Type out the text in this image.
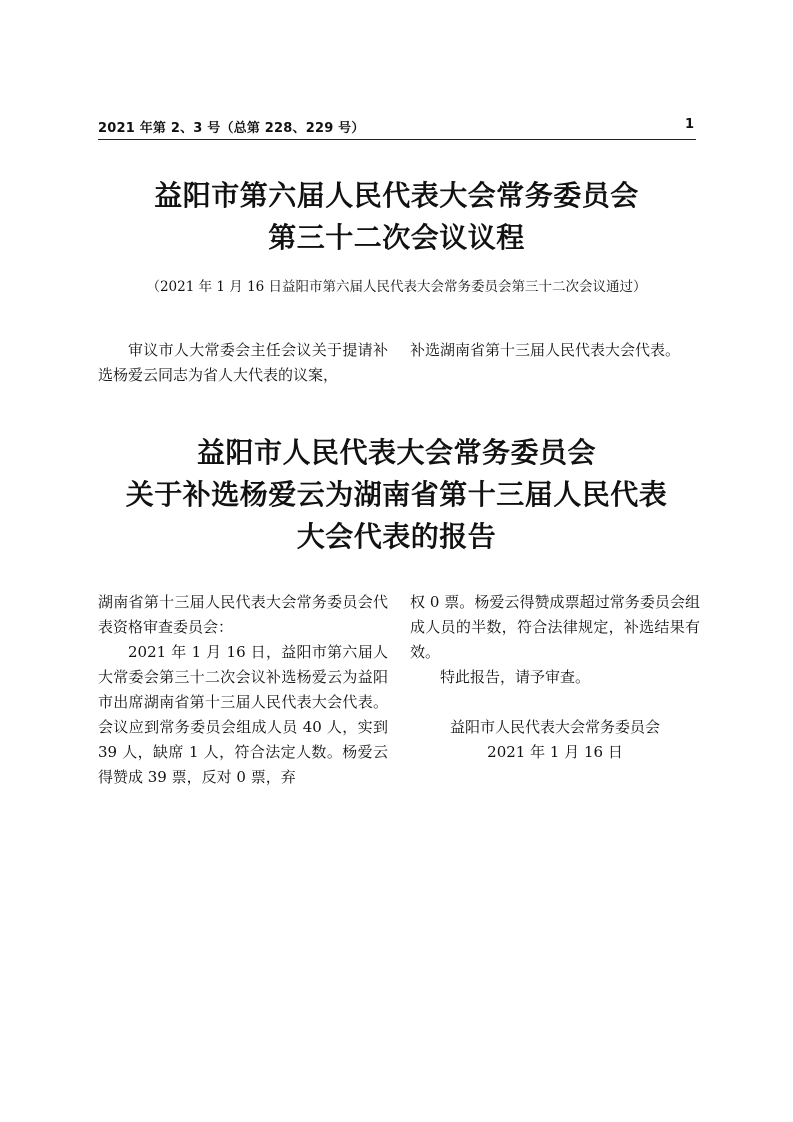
2021 年第 2、3 号（总第 228、229 号）	1
益阳市第六届人民代表大会常务委员会
第三十二次会议议程
（2021 年 1 月 16 日益阳市第六届人民代表大会常务委员会第三十二次会议通过）

审议市人大常委会主任会议关于提请补选杨爱云同志为省人大代表的议案，

补选湖南省第十三届人民代表大会代表。

益阳市人民代表大会常务委员会
关于补选杨爱云为湖南省第十三届人民代表
大会代表的报告

湖南省第十三届人民代表大会常务委员会代表资格审查委员会：

2021 年 1 月 16 日，益阳市第六届人大常委会第三十二次会议补选杨爱云为益阳市出席湖南省第十三届人民代表大会代表。会议应到常务委员会组成人员 40 人，实到 39 人，缺席 1 人，符合法定人数。杨爱云得赞成 39 票，反对 0 票，弃

权 0 票。杨爱云得赞成票超过常务委员会组成人员的半数，符合法律规定，补选结果有效。

特此报告，请予审查。

益阳市人民代表大会常务委员会

2021 年 1 月 16 日
